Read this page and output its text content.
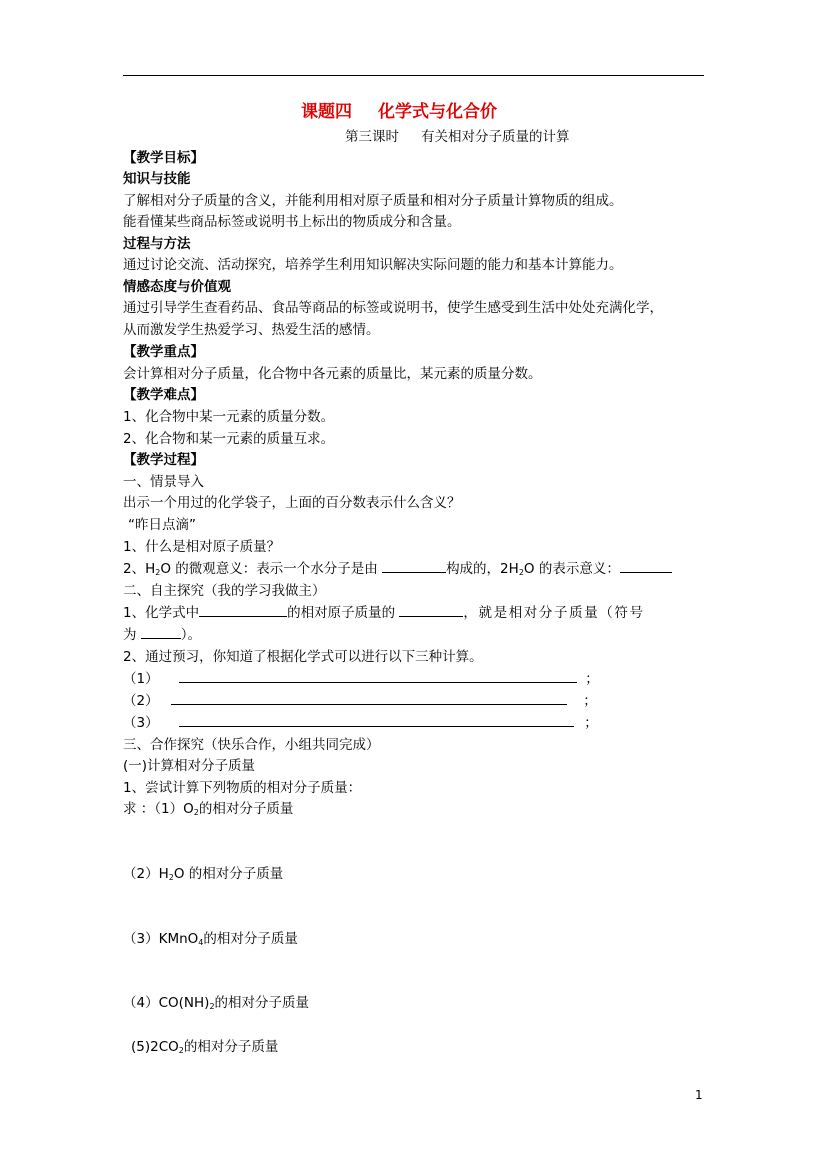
课题四 化学式与化合价
第三课时 有关相对分子质量的计算
【教学目标】
知识与技能
了解相对分子质量的含义，并能利用相对原子质量和相对分子质量计算物质的组成。
能看懂某些商品标签或说明书上标出的物质成分和含量。
过程与方法
通过讨论交流、活动探究，培养学生利用知识解决实际问题的能力和基本计算能力。
情感态度与价值观
通过引导学生查看药品、食品等商品的标签或说明书，使学生感受到生活中处处充满化学，
从而激发学生热爱学习、热爱生活的感情。
【教学重点】
会计算相对分子质量，化合物中各元素的质量比，某元素的质量分数。
【教学难点】
1、化合物中某一元素的质量分数。
2、化合物和某一元素的质量互求。
【教学过程】
一、情景导入
出示一个用过的化学袋子，上面的百分数表示什么含义？
“昨日点滴”
1、什么是相对原子质量？
2、$H_2O$ 的微观意义：表示一个水分子是由	构成的，$2H_2O$ 的表示意义：
二、自主探究（我的学习我做主）
1、化学式中	的相对原子质量的	，就是相对分子质量（符号
为	）。
2、通过预习，你知道了根据化学式可以进行以下三种计算。
（1）	；
（2）	；
（3）	；
三、合作探究（快乐合作，小组共同完成）
(一)计算相对分子质量
1、尝试计算下列物质的相对分子质量：
求 ：$(1)O_2$的相对分子质量
$(2)H_2O$ 的相对分子质量
（3）KMnO$_4$的相对分子质量
$(4)CO(NH)_2$的相对分子质量
$(5)2CO_2$的相对分子质量
1
